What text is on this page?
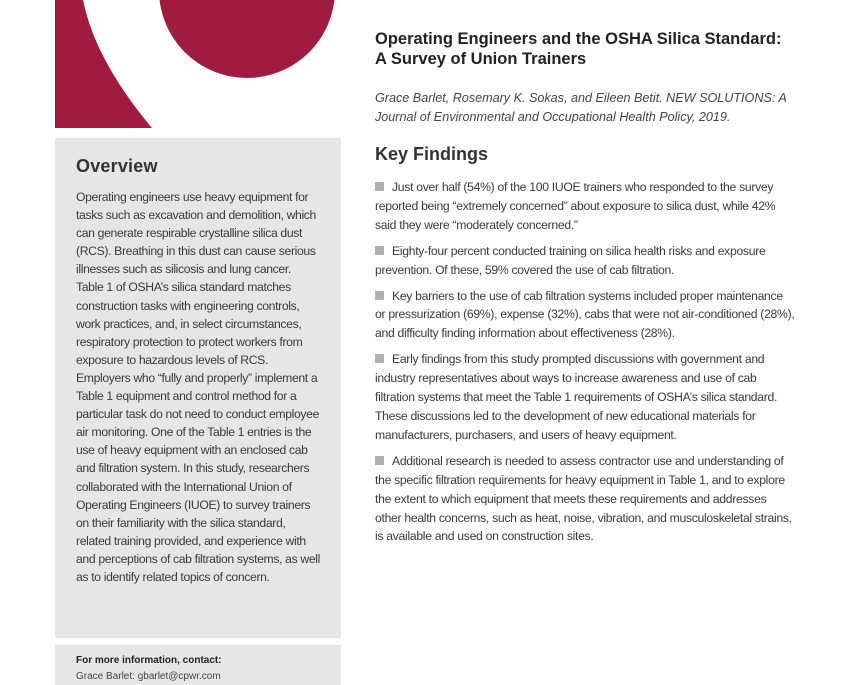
Overview

Operating engineers use heavy equipment for tasks such as excavation and demolition, which can generate respirable crystalline silica dust (RCS). Breathing in this dust can cause serious illnesses such as silicosis and lung cancer. Table 1 of OSHA’s silica standard matches construction tasks with engineering controls, work practices, and, in select circumstances, respiratory protection to protect workers from exposure to hazardous levels of RCS. Employers who “fully and properly” implement a Table 1 equipment and control method for a particular task do not need to conduct employee air monitoring. One of the Table 1 entries is the use of heavy equipment with an enclosed cab and filtration system. In this study, researchers collaborated with the International Union of Operating Engineers (IUOE) to survey trainers on their familiarity with the silica standard, related training provided, and experience with and perceptions of cab filtration systems, as well as to identify related topics of concern.

For more information, contact:
Grace Barlet: gbarlet@cpwr.com
Operating Engineers and the OSHA Silica Standard: A Survey of Union Trainers
Grace Barlet, Rosemary K. Sokas, and Eileen Betit. NEW SOLUTIONS: A Journal of Environmental and Occupational Health Policy, 2019.
Key Findings
Just over half (54%) of the 100 IUOE trainers who responded to the survey reported being “extremely concerned” about exposure to silica dust, while 42% said they were “moderately concerned.”
Eighty-four percent conducted training on silica health risks and exposure prevention. Of these, 59% covered the use of cab filtration.
Key barriers to the use of cab filtration systems included proper maintenance or pressurization (69%), expense (32%), cabs that were not air-conditioned (28%), and difficulty finding information about effectiveness (28%).
Early findings from this study prompted discussions with government and industry representatives about ways to increase awareness and use of cab filtration systems that meet the Table 1 requirements of OSHA’s silica standard. These discussions led to the development of new educational materials for manufacturers, purchasers, and users of heavy equipment.
Additional research is needed to assess contractor use and understanding of the specific filtration requirements for heavy equipment in Table 1, and to explore the extent to which equipment that meets these requirements and addresses other health concerns, such as heat, noise, vibration, and musculoskeletal strains, is available and used on construction sites.
